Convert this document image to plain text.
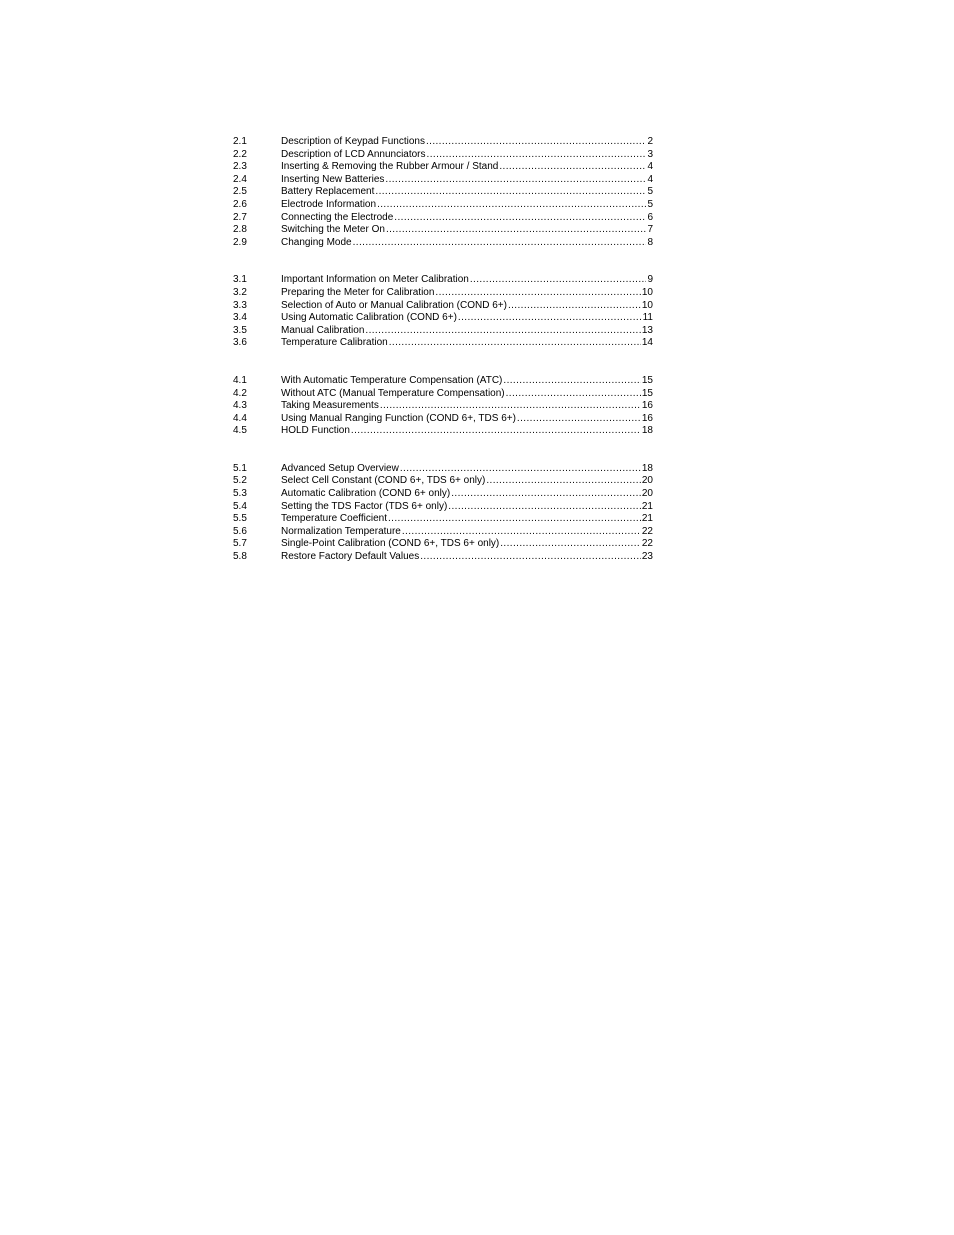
2.1	Description of Keypad Functions .....	2
2.2	Description of LCD Annunciators .....	3
2.3	Inserting & Removing the Rubber Armour / Stand .....	4
2.4	Inserting New Batteries .....	4
2.5	Battery Replacement .....	5
2.6	Electrode Information .....	5
2.7	Connecting the Electrode .....	6
2.8	Switching the Meter On .....	7
2.9	Changing Mode .....	8
3.1	Important Information on Meter Calibration .....	9
3.2	Preparing the Meter for Calibration .....	10
3.3	Selection of Auto or Manual Calibration (COND 6+) .....	10
3.4	Using Automatic Calibration (COND 6+) .....	11
3.5	Manual Calibration .....	13
3.6	Temperature Calibration .....	14
4.1	With Automatic Temperature Compensation (ATC) .....	15
4.2	Without ATC (Manual Temperature Compensation) .....	15
4.3	Taking Measurements .....	16
4.4	Using Manual Ranging Function (COND 6+, TDS 6+) .....	16
4.5	HOLD Function .....	18
5.1	Advanced Setup Overview .....	18
5.2	Select Cell Constant (COND 6+, TDS 6+ only) .....	20
5.3	Automatic Calibration (COND 6+ only) .....	20
5.4	Setting the TDS Factor (TDS 6+ only) .....	21
5.5	Temperature Coefficient .....	21
5.6	Normalization Temperature .....	22
5.7	Single-Point Calibration (COND 6+, TDS 6+ only) .....	22
5.8	Restore Factory Default Values .....	23
